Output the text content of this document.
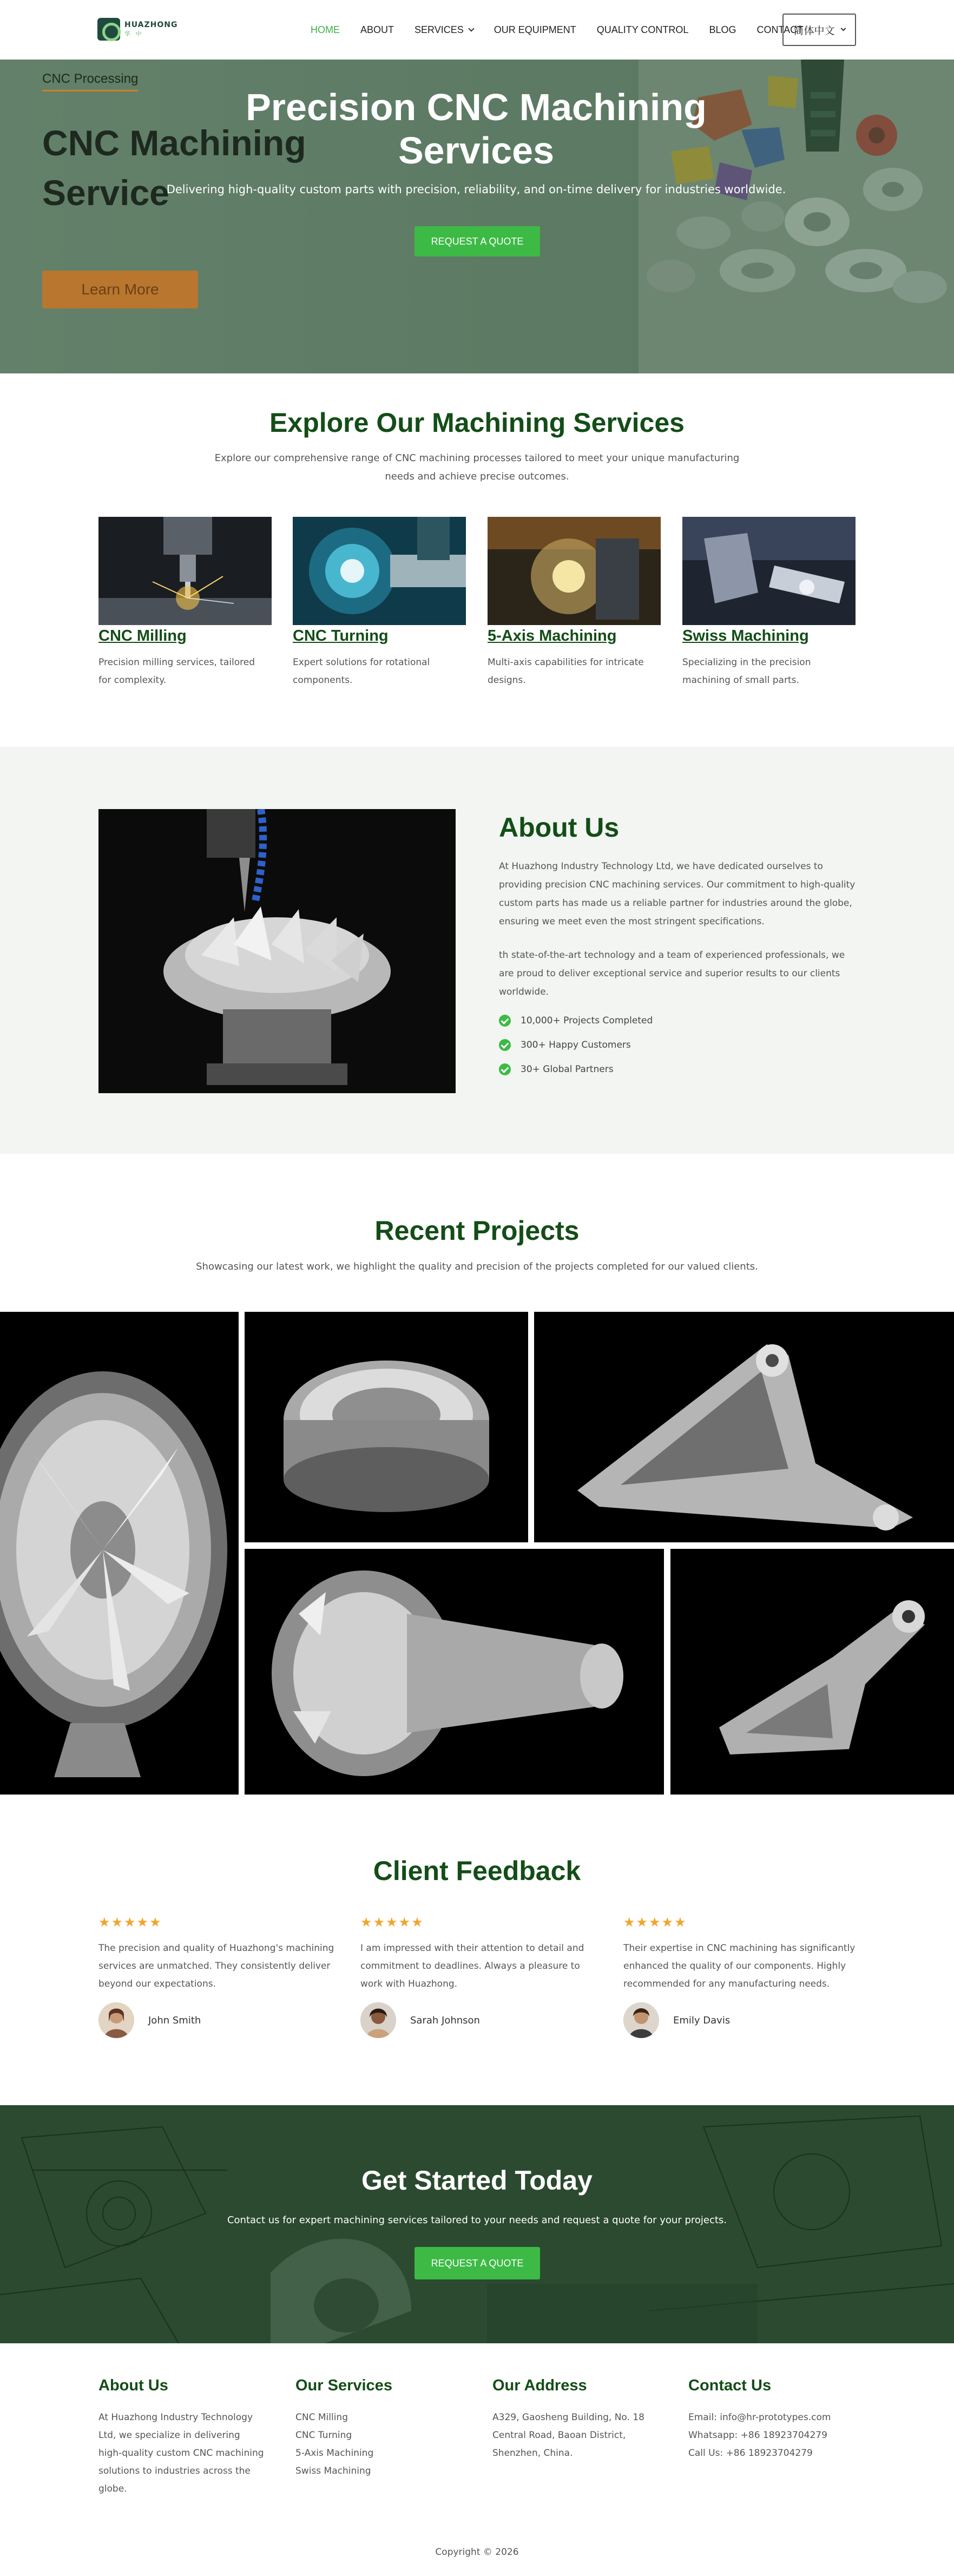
HUAZHONG
华 中	HOME	ABOUT	SERVICES	OUR EQUIPMENT	QUALITY CONTROL	BLOG	CONTACT
简体中文
CNC Processing
CNC Machining Service
Learn More
Precision CNC Machining Services
Delivering high-quality custom parts with precision, reliability, and on-time delivery for industries worldwide.
REQUEST A QUOTE
Explore Our Machining Services
Explore our comprehensive range of CNC machining processes tailored to meet your unique manufacturing needs and achieve precise outcomes.
CNC Milling
Precision milling services, tailored for complexity.
CNC Turning
Expert solutions for rotational components.
5-Axis Machining
Multi-axis capabilities for intricate designs.
Swiss Machining
Specializing in the precision machining of small parts.
About Us

At Huazhong Industry Technology Ltd, we have dedicated ourselves to providing precision CNC machining services. Our commitment to high-quality custom parts has made us a reliable partner for industries around the globe, ensuring we meet even the most stringent specifications.

th state-of-the-art technology and a team of experienced professionals, we are proud to deliver exceptional service and superior results to our clients worldwide.

10,000+ Projects Completed
300+ Happy Customers
30+ Global Partners
Recent Projects
Showcasing our latest work, we highlight the quality and precision of the projects completed for our valued clients.
Client Feedback
★★★★★
The precision and quality of Huazhong's machining services are unmatched. They consistently deliver beyond our expectations.
John Smith
★★★★★
I am impressed with their attention to detail and commitment to deadlines. Always a pleasure to work with Huazhong.
Sarah Johnson
★★★★★
Their expertise in CNC machining has significantly enhanced the quality of our components. Highly recommended for any manufacturing needs.
Emily Davis
Get Started Today
Contact us for expert machining services tailored to your needs and request a quote for your projects.
REQUEST A QUOTE
About Us
At Huazhong Industry Technology Ltd, we specialize in delivering high-quality custom CNC machining solutions to industries across the globe.
Our Services
CNC Milling
CNC Turning
5-Axis Machining
Swiss Machining
Our Address
A329, Gaosheng Building, No. 18 Central Road, Baoan District, Shenzhen, China.
Contact Us
Email: info@hr-prototypes.com
Whatsapp: +86 18923704279
Call Us: +86 18923704279
Copyright © 2026
